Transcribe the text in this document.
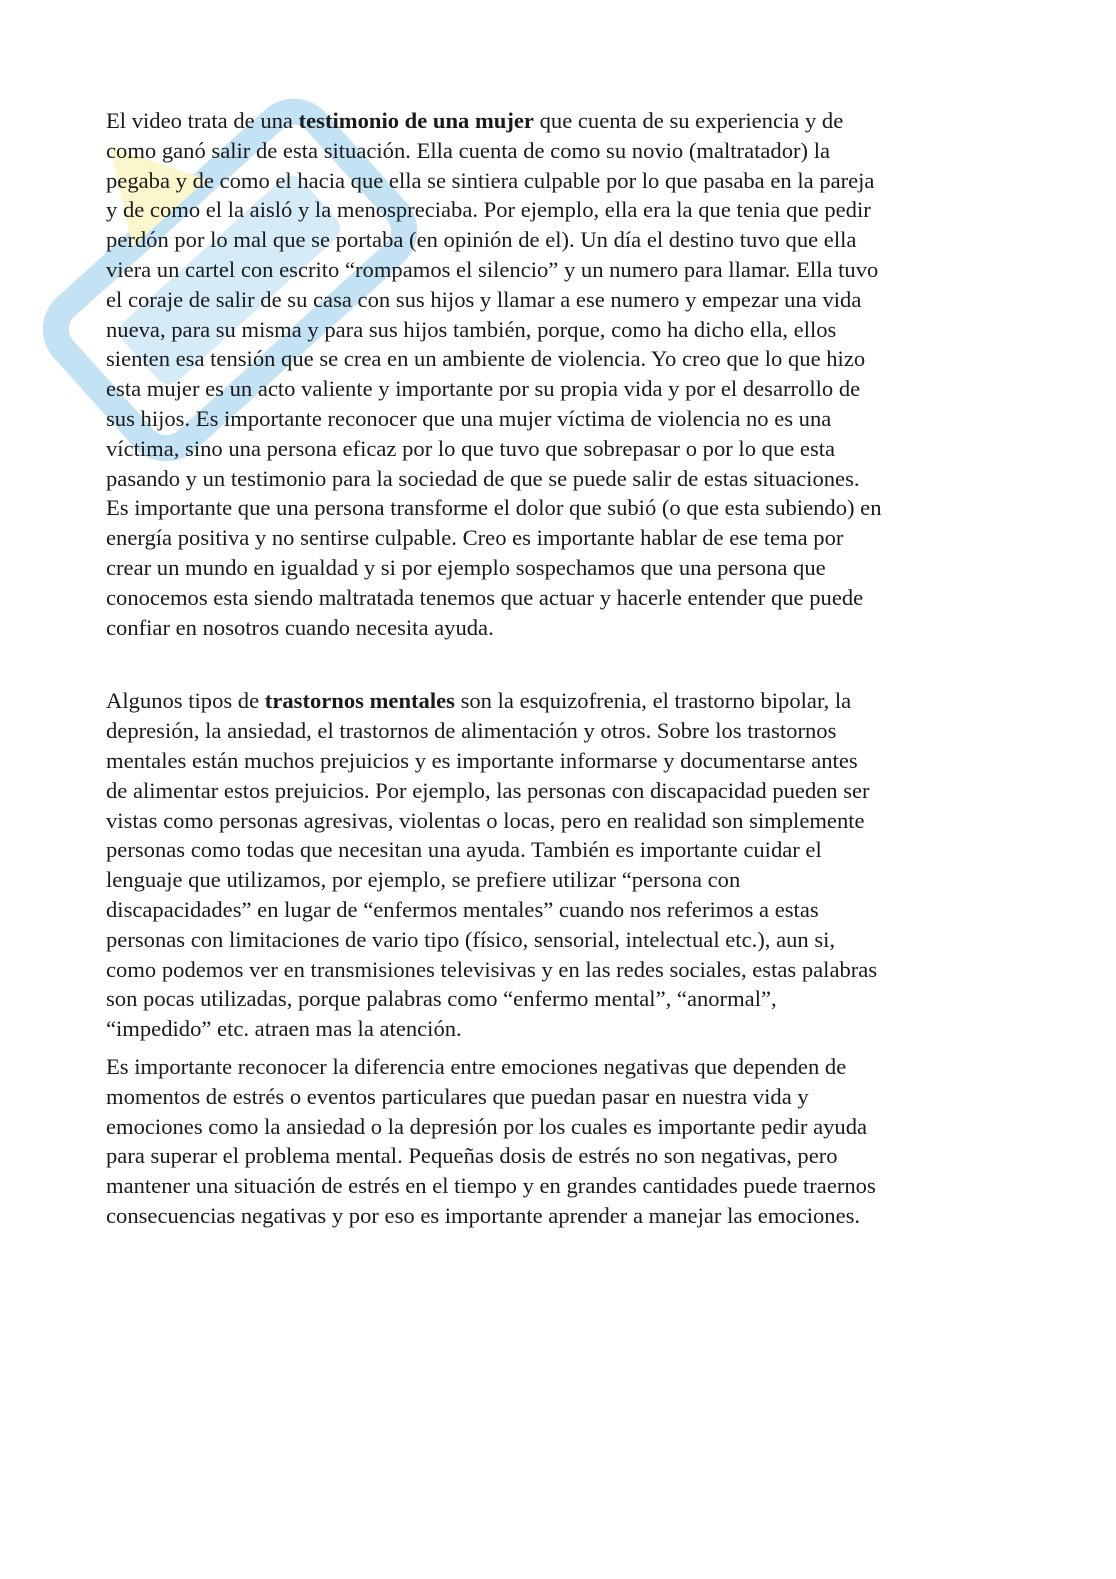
El video trata de una testimonio de una mujer que cuenta de su experiencia y de
como ganó salir de esta situación. Ella cuenta de como su novio (maltratador) la
pegaba y de como el hacia que ella se sintiera culpable por lo que pasaba en la pareja
y de como el la aisló y la menospreciaba. Por ejemplo, ella era la que tenia que pedir
perdón por lo mal que se portaba (en opinión de el). Un día el destino tuvo que ella
viera un cartel con escrito “rompamos el silencio” y un numero para llamar. Ella tuvo
el coraje de salir de su casa con sus hijos y llamar a ese numero y empezar una vida
nueva, para su misma y para sus hijos también, porque, como ha dicho ella, ellos
sienten esa tensión que se crea en un ambiente de violencia. Yo creo que lo que hizo
esta mujer es un acto valiente y importante por su propia vida y por el desarrollo de
sus hijos. Es importante reconocer que una mujer víctima de violencia no es una
víctima, sino una persona eficaz por lo que tuvo que sobrepasar o por lo que esta
pasando y un testimonio para la sociedad de que se puede salir de estas situaciones.
Es importante que una persona transforme el dolor que subió (o que esta subiendo) en
energía positiva y no sentirse culpable. Creo es importante hablar de ese tema por
crear un mundo en igualdad y si por ejemplo sospechamos que una persona que
conocemos esta siendo maltratada tenemos que actuar y hacerle entender que puede
confiar en nosotros cuando necesita ayuda.

Algunos tipos de trastornos mentales son la esquizofrenia, el trastorno bipolar, la
depresión, la ansiedad, el trastornos de alimentación y otros. Sobre los trastornos
mentales están muchos prejuicios y es importante informarse y documentarse antes
de alimentar estos prejuicios. Por ejemplo, las personas con discapacidad pueden ser
vistas como personas agresivas, violentas o locas, pero en realidad son simplemente
personas como todas que necesitan una ayuda. También es importante cuidar el
lenguaje que utilizamos, por ejemplo, se prefiere utilizar “persona con
discapacidades” en lugar de “enfermos mentales” cuando nos referimos a estas
personas con limitaciones de vario tipo (físico, sensorial, intelectual etc.), aun si,
como podemos ver en transmisiones televisivas y en las redes sociales, estas palabras
son pocas utilizadas, porque palabras como “enfermo mental”, “anormal”,
“impedido” etc. atraen mas la atención.

Es importante reconocer la diferencia entre emociones negativas que dependen de
momentos de estrés o eventos particulares que puedan pasar en nuestra vida y
emociones como la ansiedad o la depresión por los cuales es importante pedir ayuda
para superar el problema mental. Pequeñas dosis de estrés no son negativas, pero
mantener una situación de estrés en el tiempo y en grandes cantidades puede traernos
consecuencias negativas y por eso es importante aprender a manejar las emociones.
